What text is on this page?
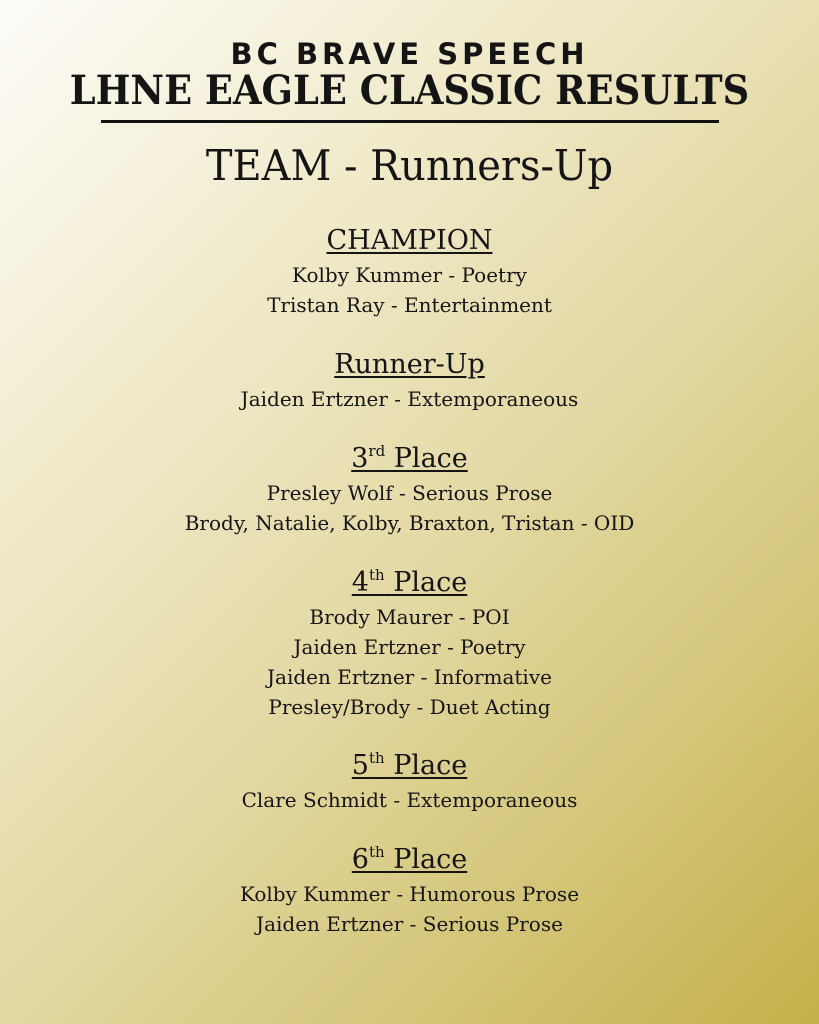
BC BRAVE SPEECH
LHNE EAGLE CLASSIC RESULTS
TEAM - Runners-Up
CHAMPION
Kolby Kummer - Poetry
Tristan Ray - Entertainment
Runner-Up
Jaiden Ertzner - Extemporaneous
3rd Place
Presley Wolf - Serious Prose
Brody, Natalie, Kolby, Braxton, Tristan - OID
4th Place
Brody Maurer - POI
Jaiden Ertzner - Poetry
Jaiden Ertzner - Informative
Presley/Brody - Duet Acting
5th Place
Clare Schmidt - Extemporaneous
6th Place
Kolby Kummer - Humorous Prose
Jaiden Ertzner - Serious Prose
